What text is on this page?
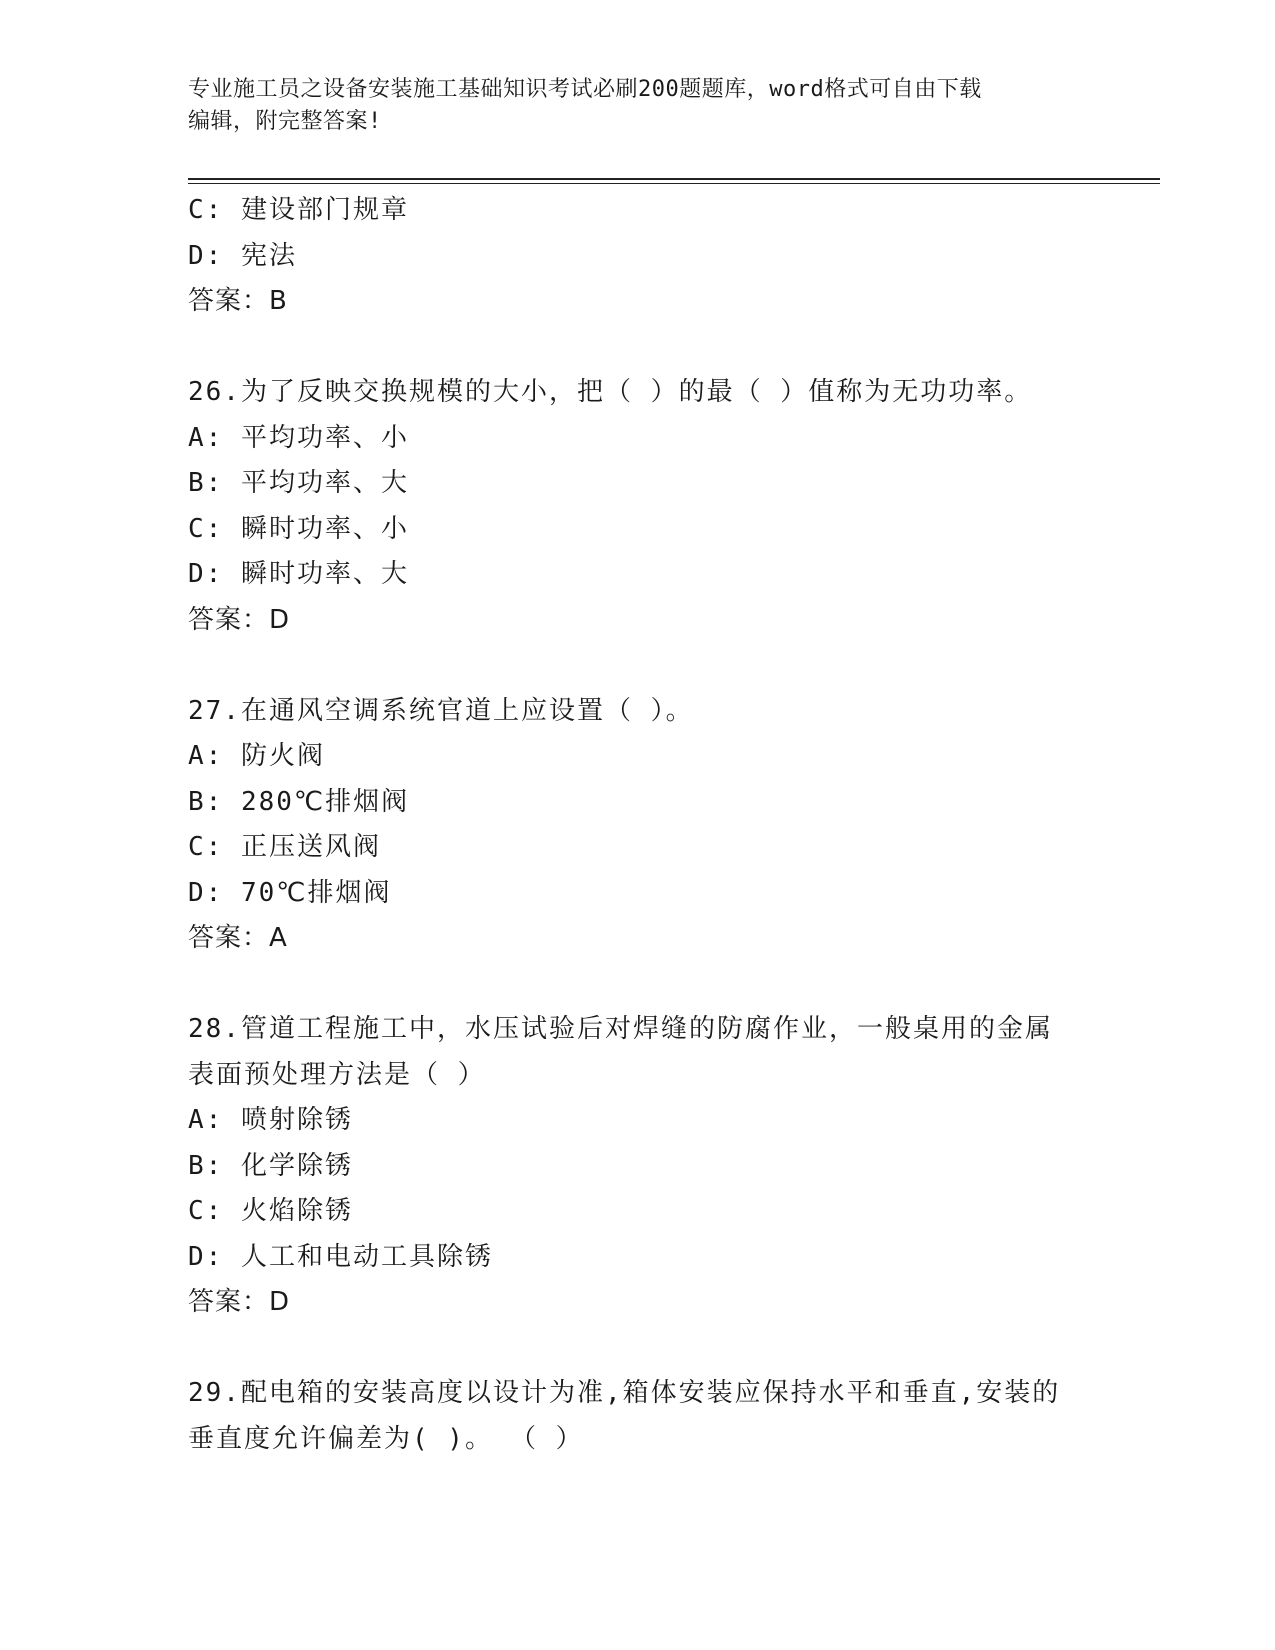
专业施工员之设备安装施工基础知识考试必刷200题题库，word格式可自由下载
编辑，附完整答案!
C: 建设部门规章
D: 宪法
答案：B
26.为了反映交换规模的大小，把（ ）的最（ ）值称为无功功率。
A: 平均功率、小
B: 平均功率、大
C: 瞬时功率、小
D: 瞬时功率、大
答案：D
27.在通风空调系统官道上应设置（ ）。
A: 防火阀
B: 280℃排烟阀
C: 正压送风阀
D: 70℃排烟阀
答案：A
28.管道工程施工中，水压试验后对焊缝的防腐作业，一般桌用的金属
表面预处理方法是（ ）
A: 喷射除锈
B: 化学除锈
C: 火焰除锈
D: 人工和电动工具除锈
答案：D
29.配电箱的安装高度以设计为准,箱体安装应保持水平和垂直,安装的
垂直度允许偏差为( )。 （ ）
